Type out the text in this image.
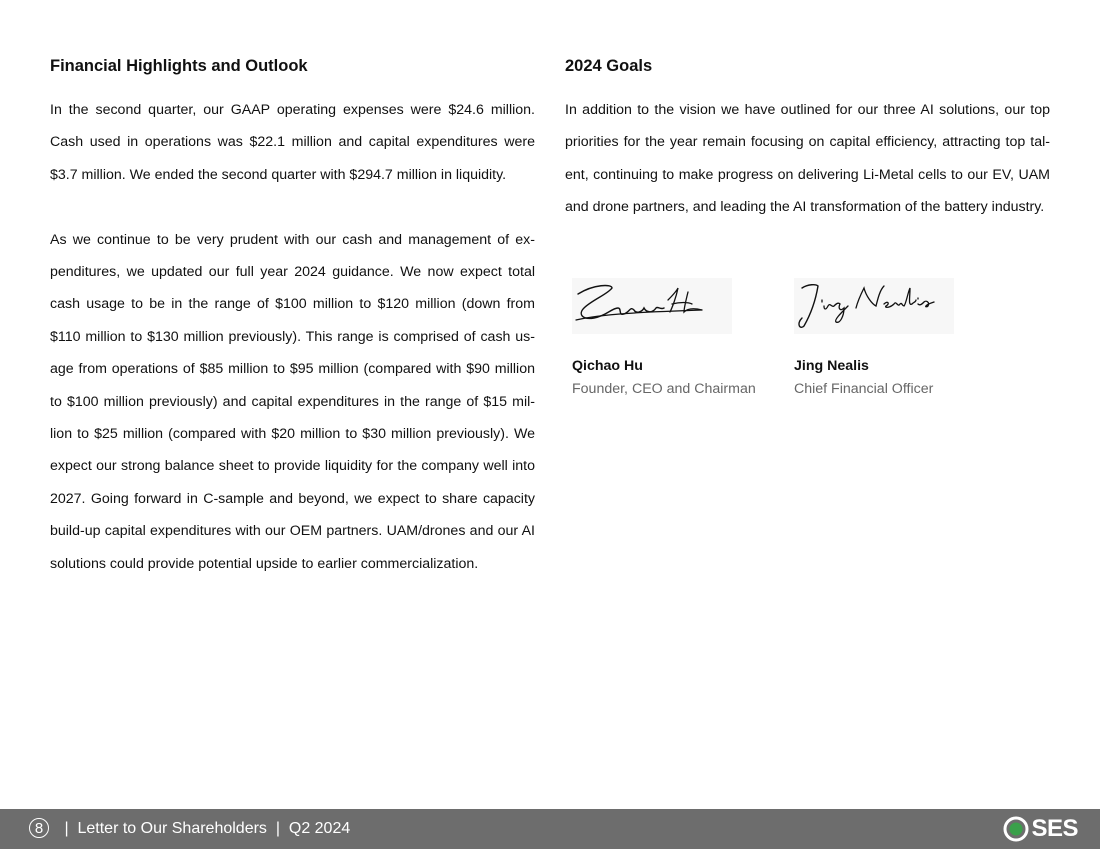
Financial Highlights and Outlook

In the second quarter, our GAAP operating expenses were $24.6 million. Cash used in operations was $22.1 million and capital expenditures were $3.7 million. We ended the second quarter with $294.7 million in liquidity.

As we continue to be very prudent with our cash and management of expenditures, we updated our full year 2024 guidance. We now expect total cash usage to be in the range of $100 million to $120 million (down from $110 million to $130 million previously). This range is comprised of cash usage from operations of $85 million to $95 million (compared with $90 million to $100 million previously) and capital expenditures in the range of $15 million to $25 million (compared with $20 million to $30 million previously). We expect our strong balance sheet to provide liquidity for the company well into 2027. Going forward in C-sample and beyond, we expect to share capacity build-up capital expenditures with our OEM partners. UAM/drones and our AI solutions could provide potential upside to earlier commercialization.

2024 Goals

In addition to the vision we have outlined for our three AI solutions, our top priorities for the year remain focusing on capital efficiency, attracting top talent, continuing to make progress on delivering Li-Metal cells to our EV, UAM and drone partners, and leading the AI transformation of the battery industry.

Qichao Hu
Founder, CEO and Chairman
Jing Nealis
Chief Financial Officer
8	|  Letter to Our Shareholders  |  Q2 2024	SES
